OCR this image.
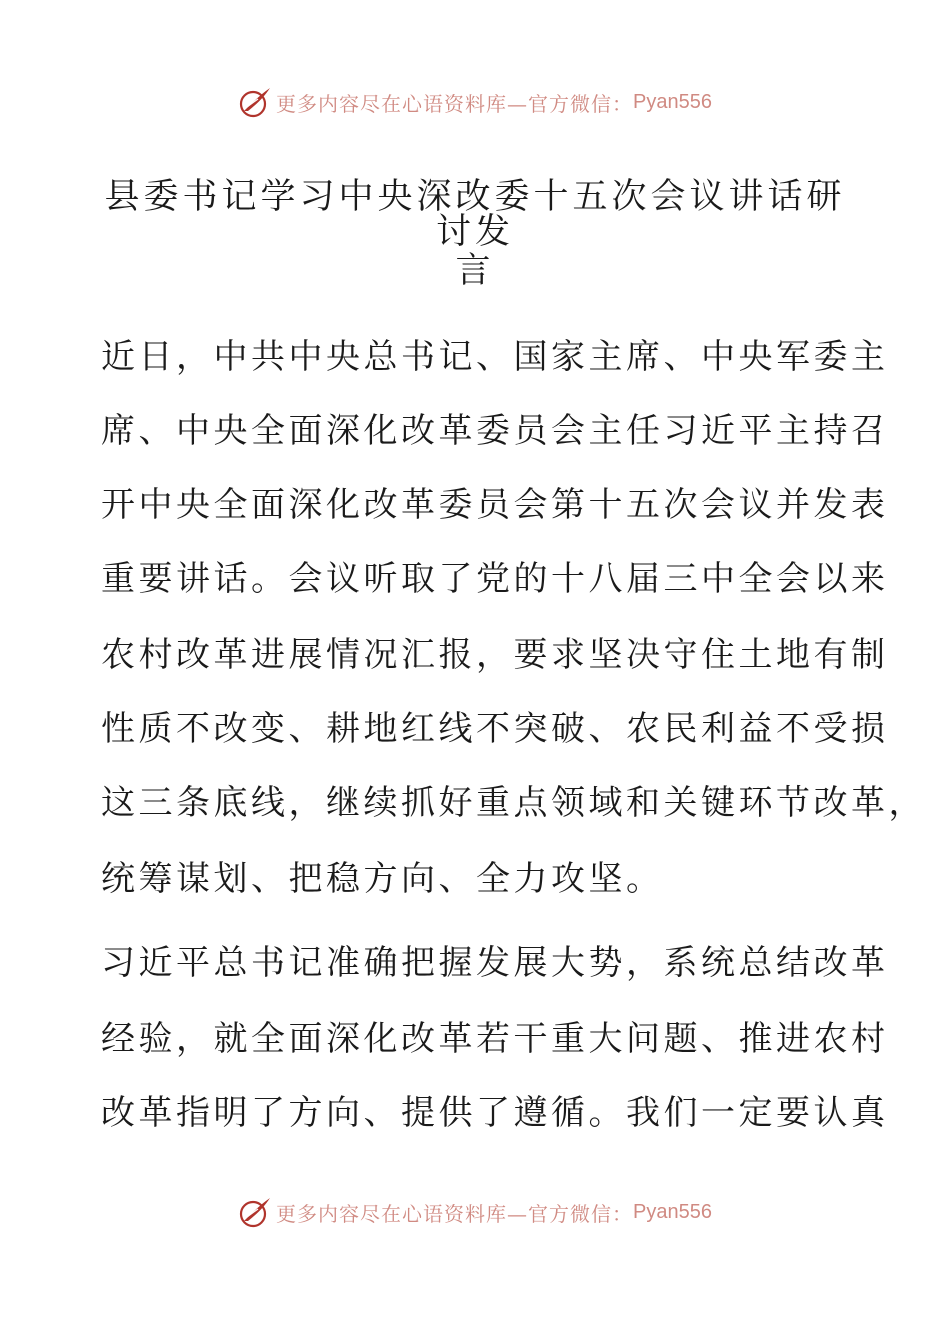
更多内容尽在心语资料库—官方微信： Pyan556
县委书记学习中央深改委十五次会议讲话研讨发
言

近日，中共中央总书记、国家主席、中央军委主

席、中央全面深化改革委员会主任习近平主持召

开中央全面深化改革委员会第十五次会议并发表

重要讲话。会议听取了党的十八届三中全会以来

农村改革进展情况汇报，要求坚决守住土地有制

性质不改变、耕地红线不突破、农民利益不受损

这三条底线，继续抓好重点领域和关键环节改革，

统筹谋划、把稳方向、全力攻坚。

习近平总书记准确把握发展大势，系统总结改革

经验，就全面深化改革若干重大问题、推进农村

改革指明了方向、提供了遵循。我们一定要认真

更多内容尽在心语资料库—官方微信： Pyan556
